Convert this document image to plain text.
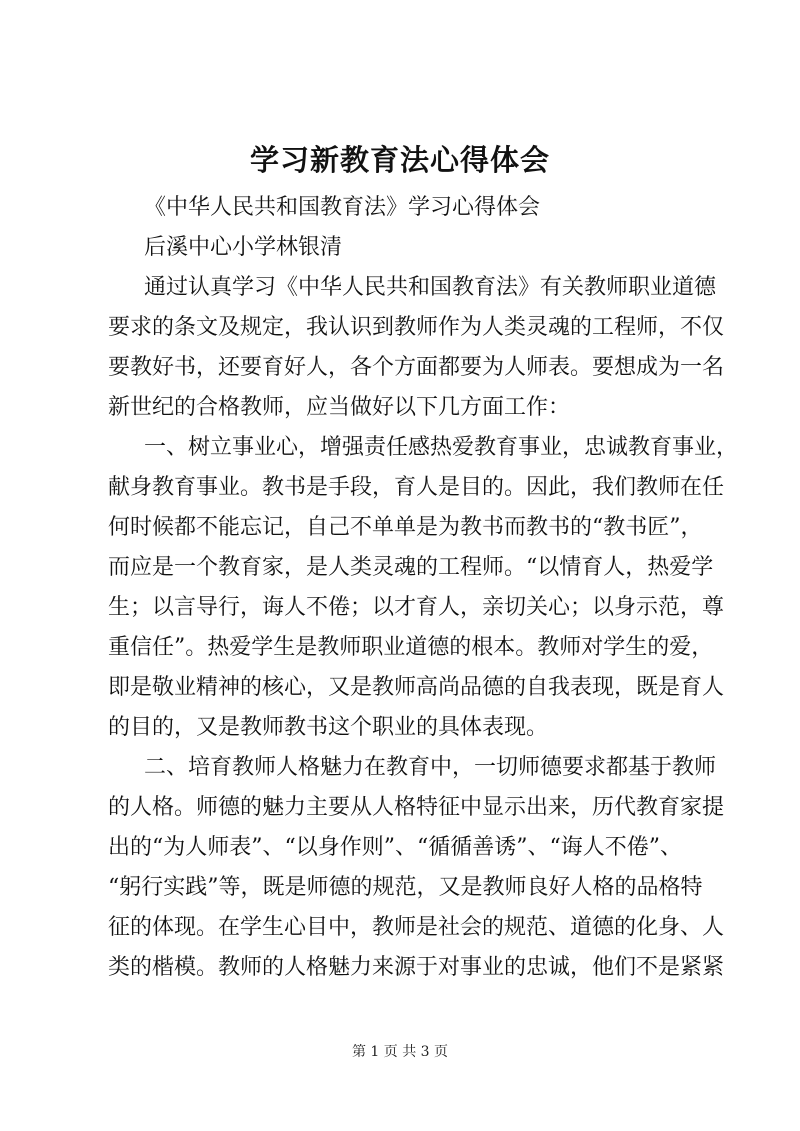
学习新教育法心得体会
《中华人民共和国教育法》学习心得体会
后溪中心小学林银清
通过认真学习《中华人民共和国教育法》有关教师职业道德
要求的条文及规定，我认识到教师作为人类灵魂的工程师，不仅
要教好书，还要育好人，各个方面都要为人师表。要想成为一名
新世纪的合格教师，应当做好以下几方面工作：
一、树立事业心，增强责任感热爱教育事业，忠诚教育事业，
献身教育事业。教书是手段，育人是目的。因此，我们教师在任
何时候都不能忘记，自己不单单是为教书而教书的“教书匠”，
而应是一个教育家，是人类灵魂的工程师。“以情育人，热爱学
生；以言导行，诲人不倦；以才育人，亲切关心；以身示范，尊
重信任”。热爱学生是教师职业道德的根本。教师对学生的爱，
即是敬业精神的核心，又是教师高尚品德的自我表现，既是育人
的目的，又是教师教书这个职业的具体表现。
二、培育教师人格魅力在教育中，一切师德要求都基于教师
的人格。师德的魅力主要从人格特征中显示出来，历代教育家提
出的“为人师表”、“以身作则”、“循循善诱”、“诲人不倦”、
“躬行实践”等，既是师德的规范，又是教师良好人格的品格特
征的体现。在学生心目中，教师是社会的规范、道德的化身、人
类的楷模。教师的人格魅力来源于对事业的忠诚，他们不是紧紧
第 1 页 共 3 页
